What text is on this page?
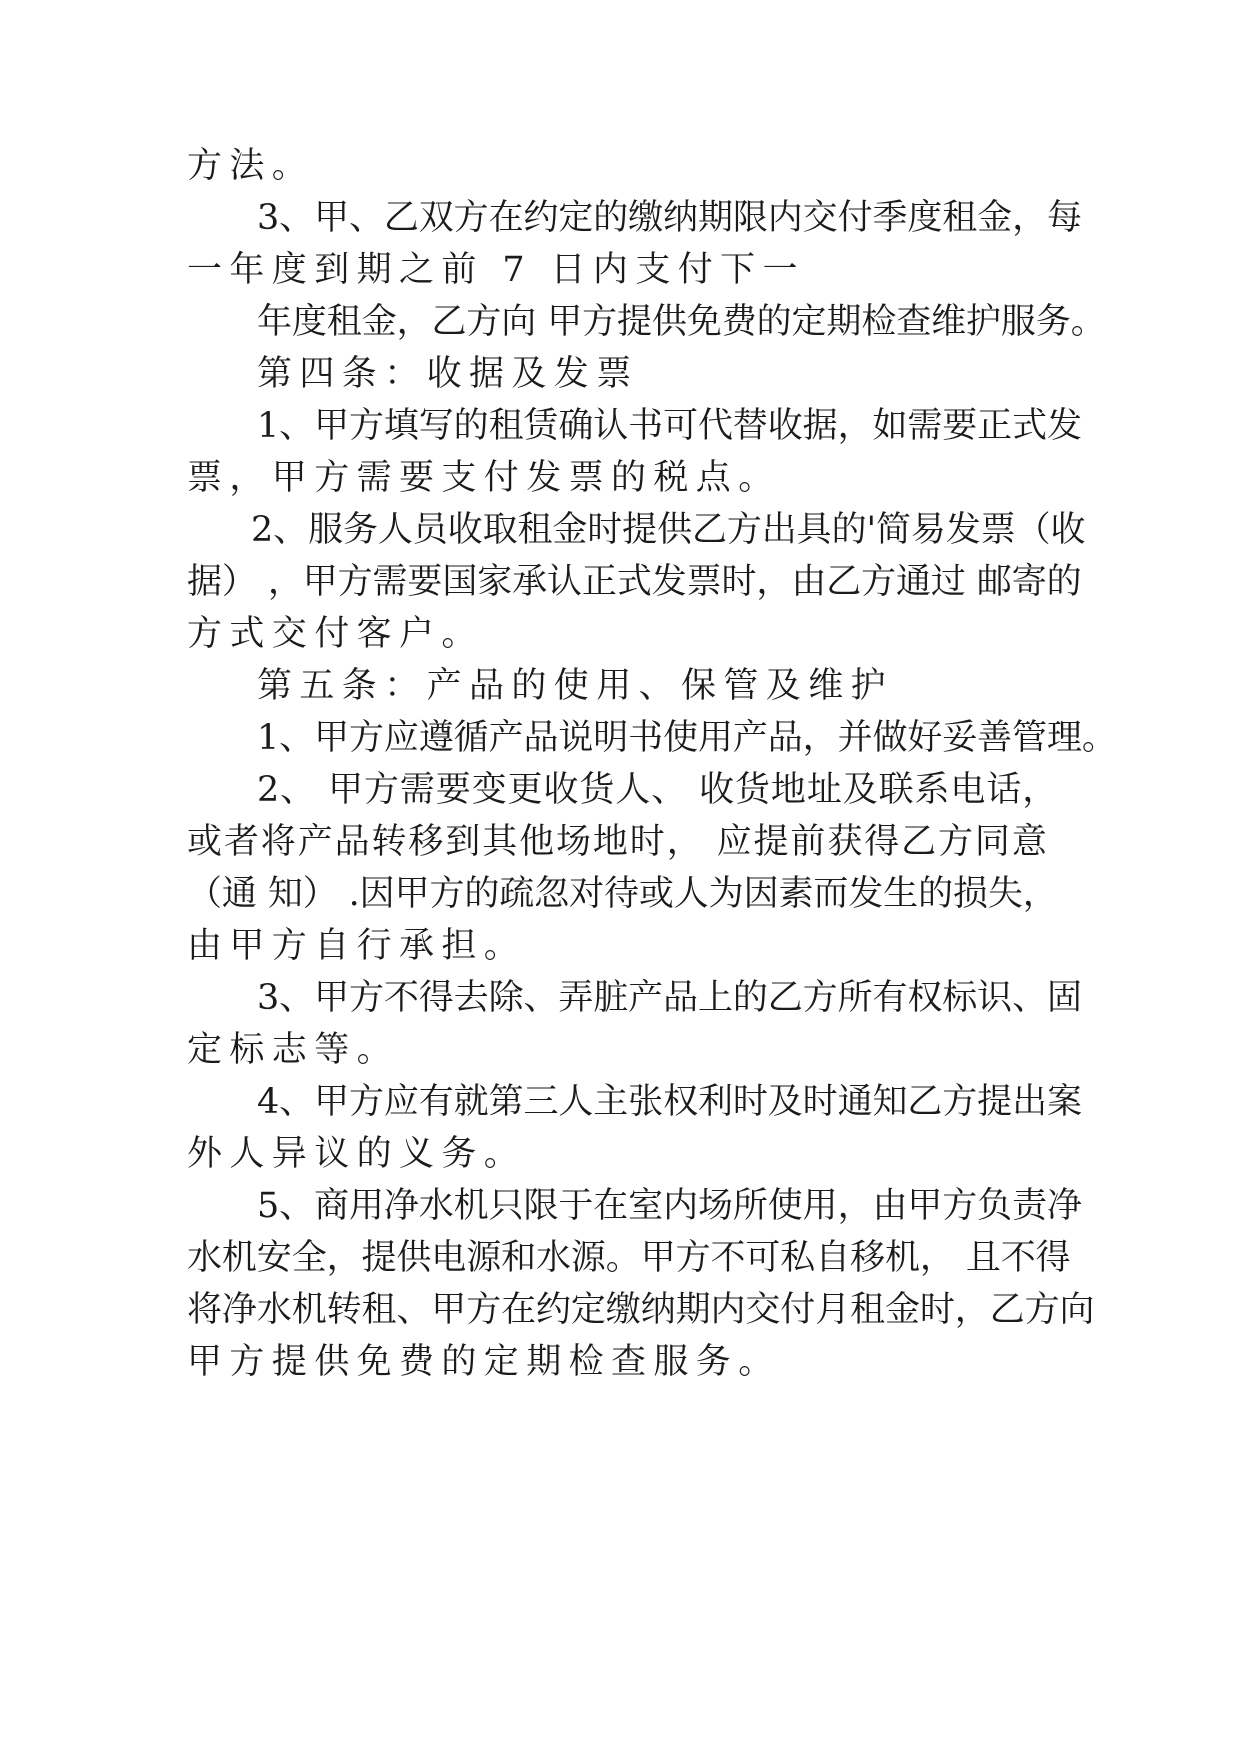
方法。
3、甲、乙双方在约定的缴纳期限内交付季度租金，每
一年度到期之前 7 日内支付下一
年度租金，乙方向 甲方提供免费的定期检查维护服务。
第四条：收据及发票
1、甲方填写的租赁确认书可代替收据，如需要正式发
票，甲方需要支付发票的税点。
2、服务人员收取租金时提供乙方出具的'简易发票（收
据） ，甲方需要国家承认正式发票时，由乙方通过 邮寄的
方式交付客户。
第五条：产品的使用、保管及维护
1、甲方应遵循产品说明书使用产品，并做好妥善管理。
2、 甲方需要变更收货人、 收货地址及联系电话，
或者将产品转移到其他场地时， 应提前获得乙方同意
（通 知） .因甲方的疏忽对待或人为因素而发生的损失，
由甲方自行承担。
3、甲方不得去除、弄脏产品上的乙方所有权标识、固
定标志等。
4、甲方应有就第三人主张权利时及时通知乙方提出案
外人异议的义务。
5、商用净水机只限于在室内场所使用，由甲方负责净
水机安全，提供电源和水源。甲方不可私自移机， 且不得
将净水机转租、甲方在约定缴纳期内交付月租金时，乙方向
甲方提供免费的定期检查服务。
